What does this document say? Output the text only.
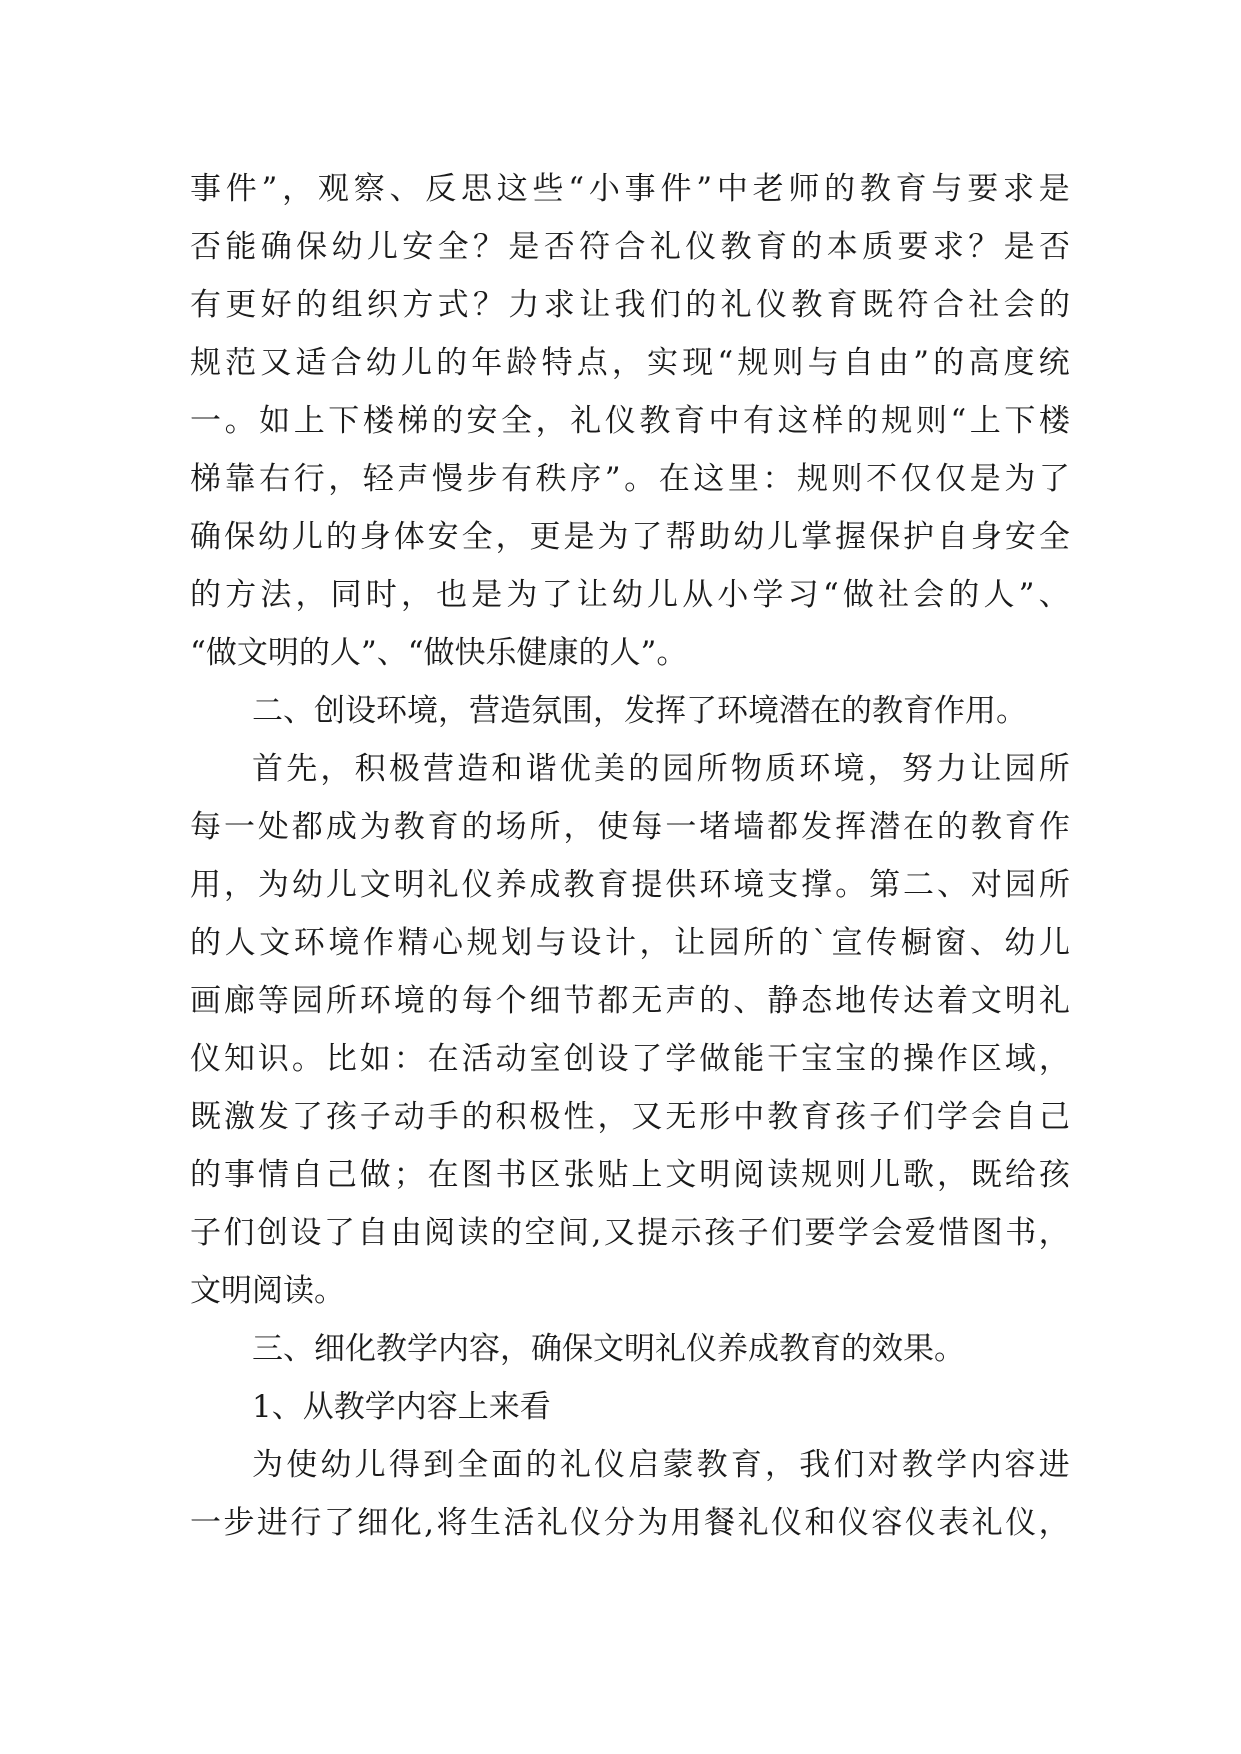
事 件 ” ， 观 察 、 反 思 这 些 “ 小 事 件 ” 中 老 师 的 教 育 与 要 求 是
否 能 确 保 幼 儿 安 全 ？ 是 否 符 合 礼 仪 教 育 的 本 质 要 求 ？ 是 否
有 更 好 的 组 织 方 式 ？ 力 求 让 我 们 的 礼 仪 教 育 既 符 合 社 会 的
规 范 又 适 合 幼 儿 的 年 龄 特 点 ， 实 现 “ 规 则 与 自 由 ” 的 高 度 统
一 。 如 上 下 楼 梯 的 安 全 ， 礼 仪 教 育 中 有 这 样 的 规 则 “ 上 下 楼
梯 靠 右 行 ， 轻 声 慢 步 有 秩 序 ” 。 在 这 里 ： 规 则 不 仅 仅 是 为 了
确 保 幼 儿 的 身 体 安 全 ， 更 是 为 了 帮 助 幼 儿 掌 握 保 护 自 身 安 全
的 方 法 ， 同 时 ， 也 是 为 了 让 幼 儿 从 小 学 习 “ 做 社 会 的 人 ” 、
“做文明的人”、“做快乐健康的人”。
二、创设环境，营造氛围，发挥了环境潜在的教育作用。
首 先 ， 积 极 营 造 和 谐 优 美 的 园 所 物 质 环 境 ， 努 力 让 园 所
每 一 处 都 成 为 教 育 的 场 所 ， 使 每 一 堵 墙 都 发 挥 潜 在 的 教 育 作
用 ， 为 幼 儿 文 明 礼 仪 养 成 教 育 提 供 环 境 支 撑 。 第 二 、 对 园 所
的 人 文 环 境 作 精 心 规 划 与 设 计 ， 让 园 所 的 ` 宣 传 橱 窗 、 幼 儿
画 廊 等 园 所 环 境 的 每 个 细 节 都 无 声 的 、 静 态 地 传 达 着 文 明 礼
仪 知 识 。 比 如 ： 在 活 动 室 创 设 了 学 做 能 干 宝 宝 的 操 作 区 域 ，
既 激 发 了 孩 子 动 手 的 积 极 性 ， 又 无 形 中 教 育 孩 子 们 学 会 自 己
的 事 情 自 己 做 ； 在 图 书 区 张 贴 上 文 明 阅 读 规 则 儿 歌 ， 既 给 孩
子 们 创 设 了 自 由 阅 读 的 空 间 , 又 提 示 孩 子 们 要 学 会 爱 惜 图 书 ，
文明阅读。
三、细化教学内容，确保文明礼仪养成教育的效果。
1、从教学内容上来看
为 使 幼 儿 得 到 全 面 的 礼 仪 启 蒙 教 育 ， 我 们 对 教 学 内 容 进
一 步 进 行 了 细 化 , 将 生 活 礼 仪 分 为 用 餐 礼 仪 和 仪 容 仪 表 礼 仪 ，
